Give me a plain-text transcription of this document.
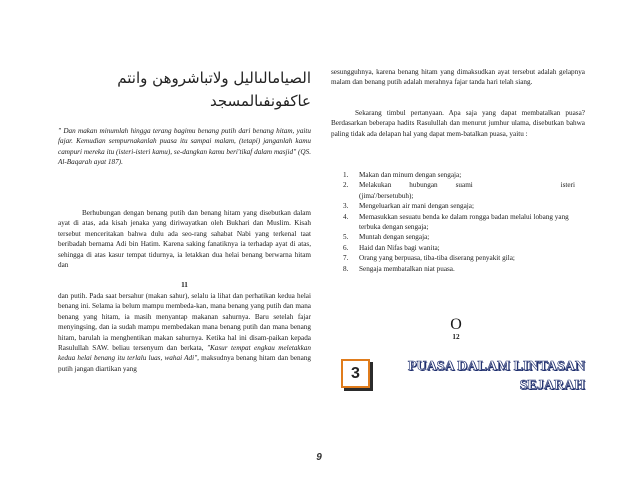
الصيامالىاليل ولاتباشروهن وانتم
عاكفونفىالمسجد

" Dan makan minumlah hingga terang bagimu benang putih dari benang hitam, yaitu fajar. Kemudian sempurnakanlah puasa itu sampai malam, (tetapi) janganlah kamu campuri mereka itu (isteri-isteri kamu), se-dangkan kamu beri'tikaf dalam masjid" (QS. Al-Baqarah ayat 187).

Berhubungan dengan benang putih dan benang hitam yang disebutkan dalam ayat di atas, ada kisah jenaka yang diriwayatkan oleh Bukhari dan Muslim. Kisah tersebut menceritakan bahwa dulu ada seo-rang sahabat Nabi yang terkenal taat beribadah bernama Adi bin Hatim. Karena saking fanatiknya ia terhadap ayat di atas, sehingga di atas kasur tempat tidurnya, ia letakkan dua helai benang berwarna hitam dan

11

dan putih. Pada saat bersahur (makan sahur), selalu ia lihat dan perhatikan kedua helai benang ini. Selama ia belum mampu membeda-kan, mana benang yang putih dan mana benang yang hitam, ia masih menyantap makanan sahurnya. Baru setelah fajar menyingsing, dan ia sudah mampu membedakan mana benang putih dan mana benang hitam, barulah ia menghentikan makan sahurnya. Ketika hal ini disam-paikan kepada Rasulullah SAW. beliau tersenyum dan berkata, "Kasur tempat engkau meletakkan kedua helai benang itu terlalu luas, wahai Adi", maksudnya benang hitam dan benang putih jangan diartikan yang

sesungguhnya, karena benang hitam yang dimaksudkan ayat tersebut adalah gelapnya malam dan benang putih adalah merahnya fajar tanda hari telah siang.

Sekarang timbul pertanyaan. Apa saja yang dapat membatalkan puasa? Berdasarkan beberapa hadits Rasulullah dan menurut jumhur ulama, disebutkan bahwa paling tidak ada delapan hal yang dapat mem-batalkan puasa, yaitu :

1. Makan dan minum dengan sengaja;
2. Melakukan          hubungan          suami	isteri
(jima'/bersetubuh);
3. Mengeluarkan air mani dengan sengaja;
4. Memasukkan sesuatu benda ke dalam rongga badan melalui lobang yang terbuka dengan sengaja;
5. Muntah dengan sengaja;
6. Haid dan Nifas bagi wanita;
7. Orang yang berpuasa, tiba-tiba diserang penyakit gila;
8. Sengaja membatalkan niat puasa.
O
12
3	PUASA DALAM LINTASAN
SEJARAH
9
